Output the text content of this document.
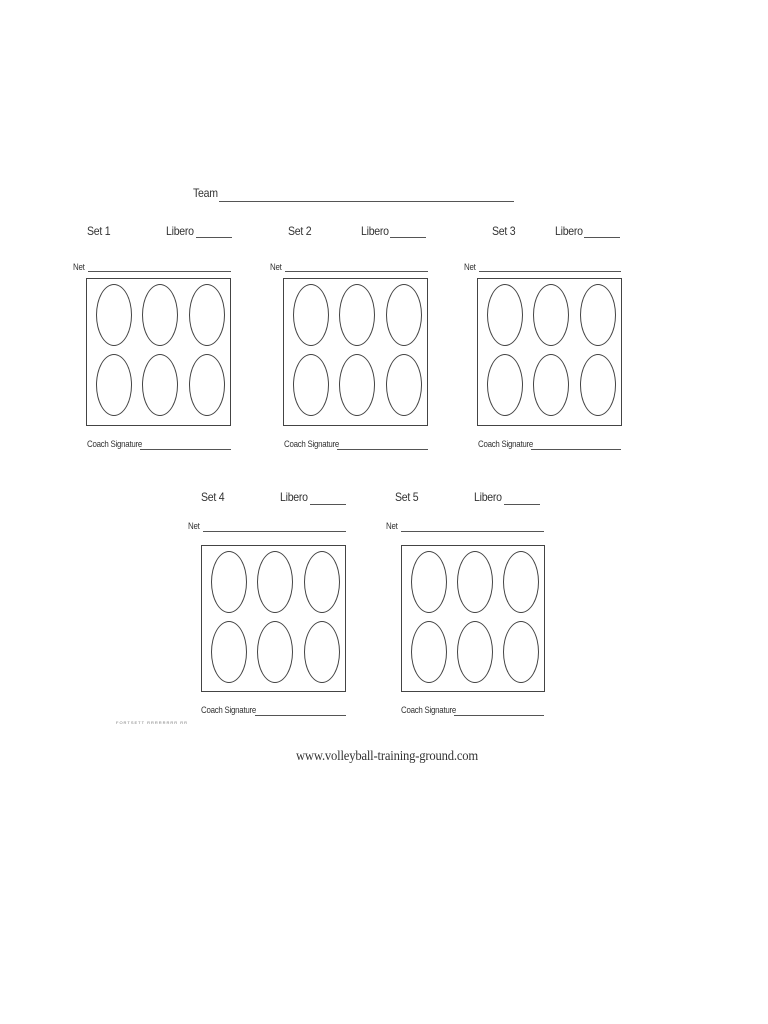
Team
Set 1	Libero
Net
Coach Signature
Set 2	Libero
Net
Coach Signature
Set 3	Libero
Net
Coach Signature
Set 4	Libero
Net
Coach Signature
Set 5	Libero
Net
Coach Signature
FORTSETT RRRRRRRR RR
www.volleyball-training-ground.com
